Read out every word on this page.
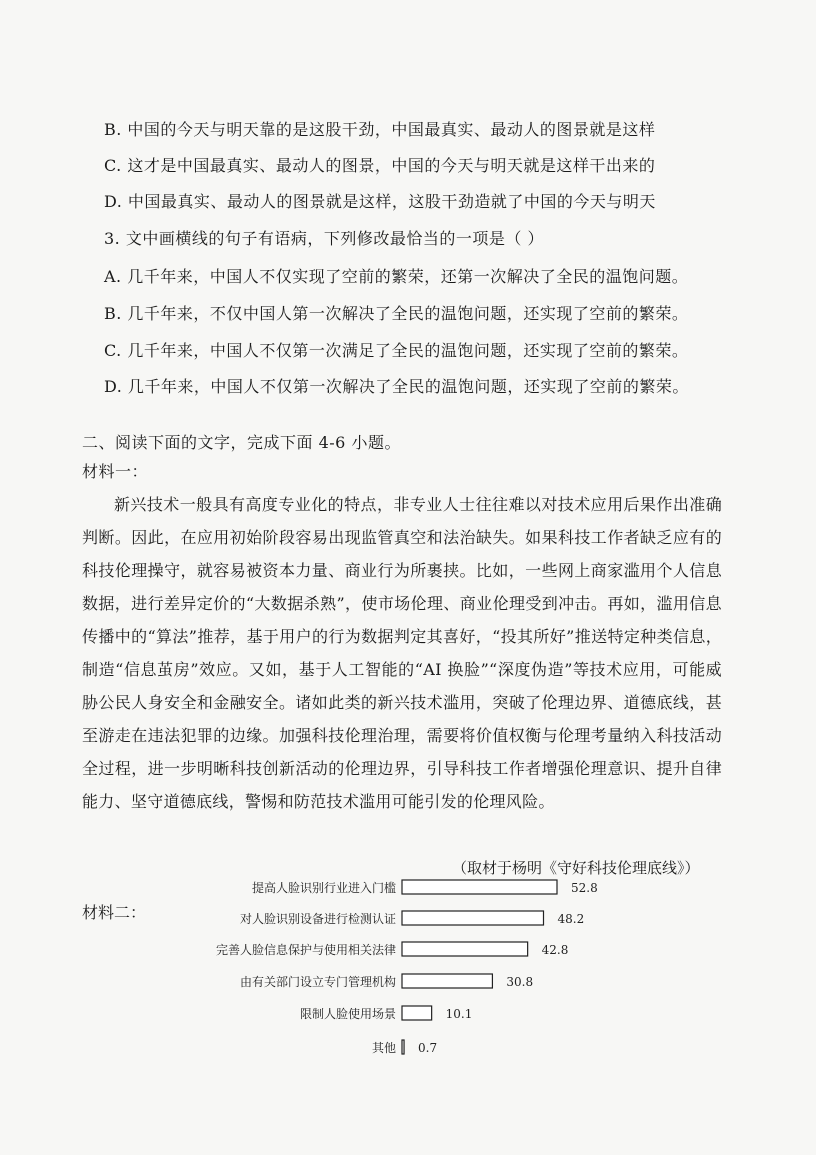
B. 中国的今天与明天靠的是这股干劲，中国最真实、最动人的图景就是这样
C. 这才是中国最真实、最动人的图景，中国的今天与明天就是这样干出来的
D. 中国最真实、最动人的图景就是这样，这股干劲造就了中国的今天与明天
3. 文中画横线的句子有语病，下列修改最恰当的一项是（ ）
A. 几千年来，中国人不仅实现了空前的繁荣，还第一次解决了全民的温饱问题。
B. 几千年来，不仅中国人第一次解决了全民的温饱问题，还实现了空前的繁荣。
C. 几千年来，中国人不仅第一次满足了全民的温饱问题，还实现了空前的繁荣。
D. 几千年来，中国人不仅第一次解决了全民的温饱问题，还实现了空前的繁荣。
二、阅读下面的文字，完成下面 4-6 小题。
材料一：
新兴技术一般具有高度专业化的特点，非专业人士往往难以对技术应用后果作出准确判断。因此，在应用初始阶段容易出现监管真空和法治缺失。如果科技工作者缺乏应有的科技伦理操守，就容易被资本力量、商业行为所裹挟。比如，一些网上商家滥用个人信息数据，进行差异定价的“大数据杀熟”，使市场伦理、商业伦理受到冲击。再如，滥用信息传播中的“算法”推荐，基于用户的行为数据判定其喜好，“投其所好”推送特定种类信息，制造“信息茧房”效应。又如，基于人工智能的“AI 换脸”“深度伪造”等技术应用，可能威胁公民人身安全和金融安全。诸如此类的新兴技术滥用，突破了伦理边界、道德底线，甚至游走在违法犯罪的边缘。加强科技伦理治理，需要将价值权衡与伦理考量纳入科技活动全过程，进一步明晰科技创新活动的伦理边界，引导科技工作者增强伦理意识、提升自律能力、坚守道德底线，警惕和防范技术滥用可能引发的伦理风险。
（取材于杨明《守好科技伦理底线》）
材料二：
提高人脸识别行业进入门槛	52.8
对人脸识别设备进行检测认证	48.2
完善人脸信息保护与使用相关法律	42.8
由有关部门设立专门管理机构	30.8
限制人脸使用场景	10.1
其他 0.7
